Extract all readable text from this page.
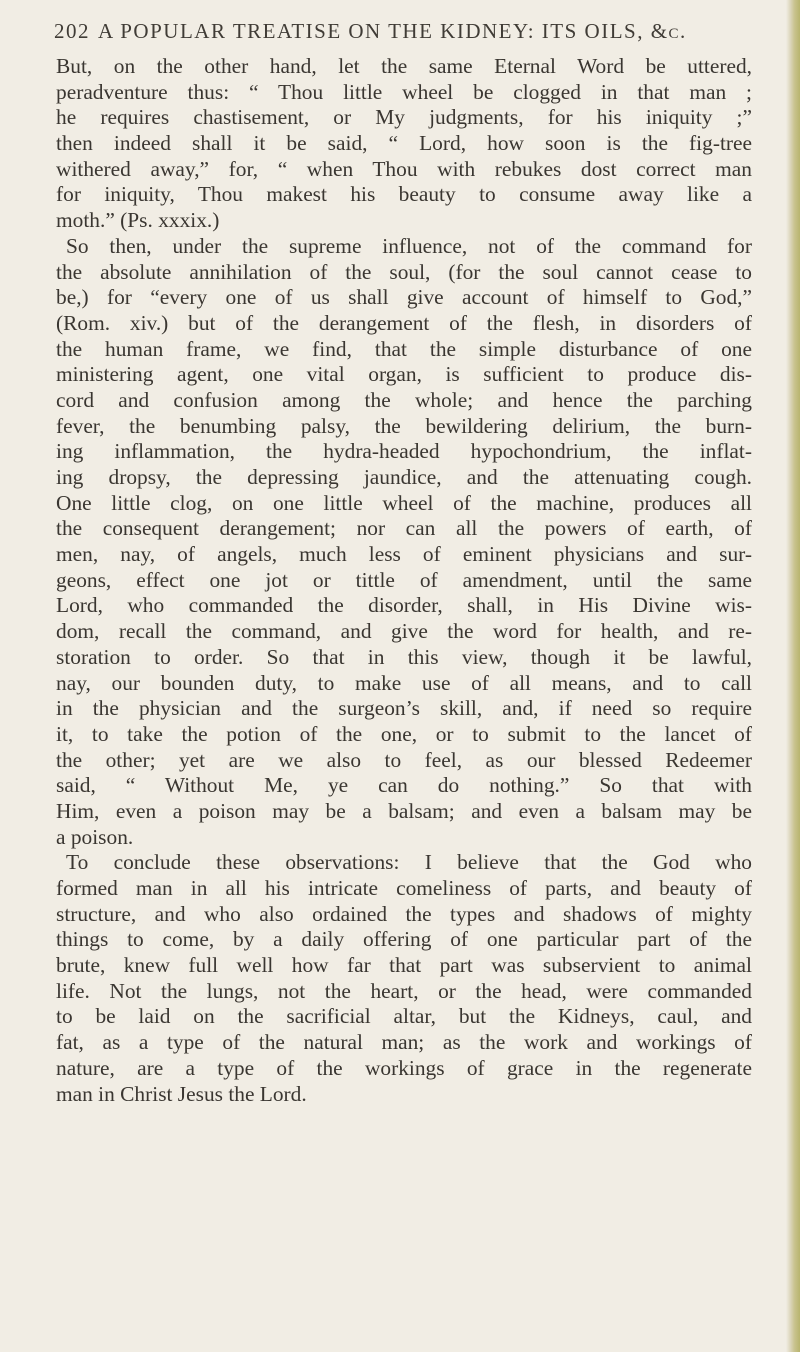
202 A POPULAR TREATISE ON THE KIDNEY: ITS OILS, &c.
But, on the other hand, let the same Eternal Word be uttered,
peradventure thus: “ Thou little wheel be clogged in that man ;
he requires chastisement, or My judgments, for his iniquity ;”
then indeed shall it be said, “ Lord, how soon is the fig-tree
withered away,” for, “ when Thou with rebukes dost correct man
for iniquity, Thou makest his beauty to consume away like a
moth.” (Ps. xxxix.)
So then, under the supreme influence, not of the command for
the absolute annihilation of the soul, (for the soul cannot cease to
be,) for “every one of us shall give account of himself to God,”
(Rom. xiv.) but of the derangement of the flesh, in disorders of
the human frame, we find, that the simple disturbance of one
ministering agent, one vital organ, is sufficient to produce dis-
cord and confusion among the whole; and hence the parching
fever, the benumbing palsy, the bewildering delirium, the burn-
ing inflammation, the hydra-headed hypochondrium, the inflat-
ing dropsy, the depressing jaundice, and the attenuating cough.
One little clog, on one little wheel of the machine, produces all
the consequent derangement; nor can all the powers of earth, of
men, nay, of angels, much less of eminent physicians and sur-
geons, effect one jot or tittle of amendment, until the same
Lord, who commanded the disorder, shall, in His Divine wis-
dom, recall the command, and give the word for health, and re-
storation to order. So that in this view, though it be lawful,
nay, our bounden duty, to make use of all means, and to call
in the physician and the surgeon’s skill, and, if need so require
it, to take the potion of the one, or to submit to the lancet of
the other; yet are we also to feel, as our blessed Redeemer
said, “ Without Me, ye can do nothing.” So that with
Him, even a poison may be a balsam; and even a balsam may be
a poison.
To conclude these observations: I believe that the God who
formed man in all his intricate comeliness of parts, and beauty of
structure, and who also ordained the types and shadows of mighty
things to come, by a daily offering of one particular part of the
brute, knew full well how far that part was subservient to animal
life. Not the lungs, not the heart, or the head, were commanded
to be laid on the sacrificial altar, but the Kidneys, caul, and
fat, as a type of the natural man; as the work and workings of
nature, are a type of the workings of grace in the regenerate
man in Christ Jesus the Lord.
